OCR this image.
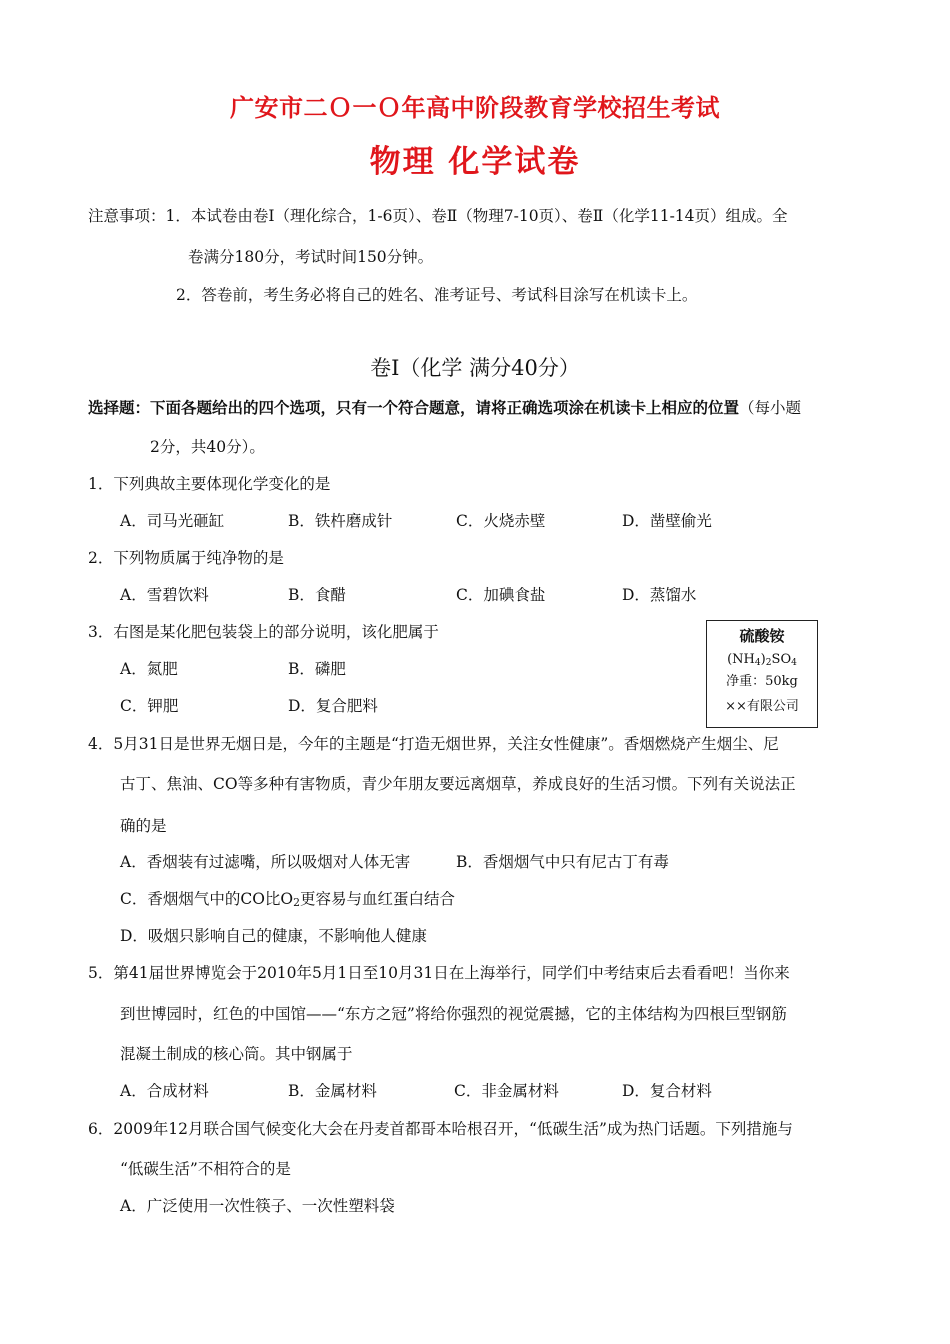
广安市二Ｏ一Ｏ年高中阶段教育学校招生考试
物理 化学试卷
注意事项：1．本试卷由卷Ⅰ（理化综合，1-6页）、卷Ⅱ（物理7-10页）、卷Ⅱ（化学11-14页）组成。全
卷满分180分，考试时间150分钟。
2．答卷前，考生务必将自己的姓名、准考证号、考试科目涂写在机读卡上。
卷Ⅰ（化学 满分40分）
选择题：下面各题给出的四个选项，只有一个符合题意，请将正确选项涂在机读卡上相应的位置（每小题
2分，共40分）。
1．下列典故主要体现化学变化的是
A．司马光砸缸	B．铁杵磨成针	C．火烧赤壁	D．凿壁偷光
2．下列物质属于纯净物的是
A．雪碧饮料	B．食醋	C．加碘食盐	D．蒸馏水
3．右图是某化肥包装袋上的部分说明，该化肥属于
A．氮肥	B．磷肥
C．钾肥	D．复合肥料
硫酸铵
$(NH_4)_2SO_4$
净重：50kg
××有限公司
4．5月31日是世界无烟日是，今年的主题是“打造无烟世界，关注女性健康”。香烟燃烧产生烟尘、尼
古丁、焦油、CO等多种有害物质，青少年朋友要远离烟草，养成良好的生活习惯。下列有关说法正
确的是
A．香烟装有过滤嘴，所以吸烟对人体无害	B．香烟烟气中只有尼古丁有毒
C．香烟烟气中的CO比$O_2$更容易与血红蛋白结合
D．吸烟只影响自己的健康，不影响他人健康
5．第41届世界博览会于2010年5月1日至10月31日在上海举行，同学们中考结束后去看看吧！当你来
到世博园时，红色的中国馆——“东方之冠”将给你强烈的视觉震撼，它的主体结构为四根巨型钢筋
混凝土制成的核心筒。其中钢属于
A．合成材料	B．金属材料	C．非金属材料	D．复合材料
6．2009年12月联合国气候变化大会在丹麦首都哥本哈根召开，“低碳生活”成为热门话题。下列措施与
“低碳生活”不相符合的是
A．广泛使用一次性筷子、一次性塑料袋
